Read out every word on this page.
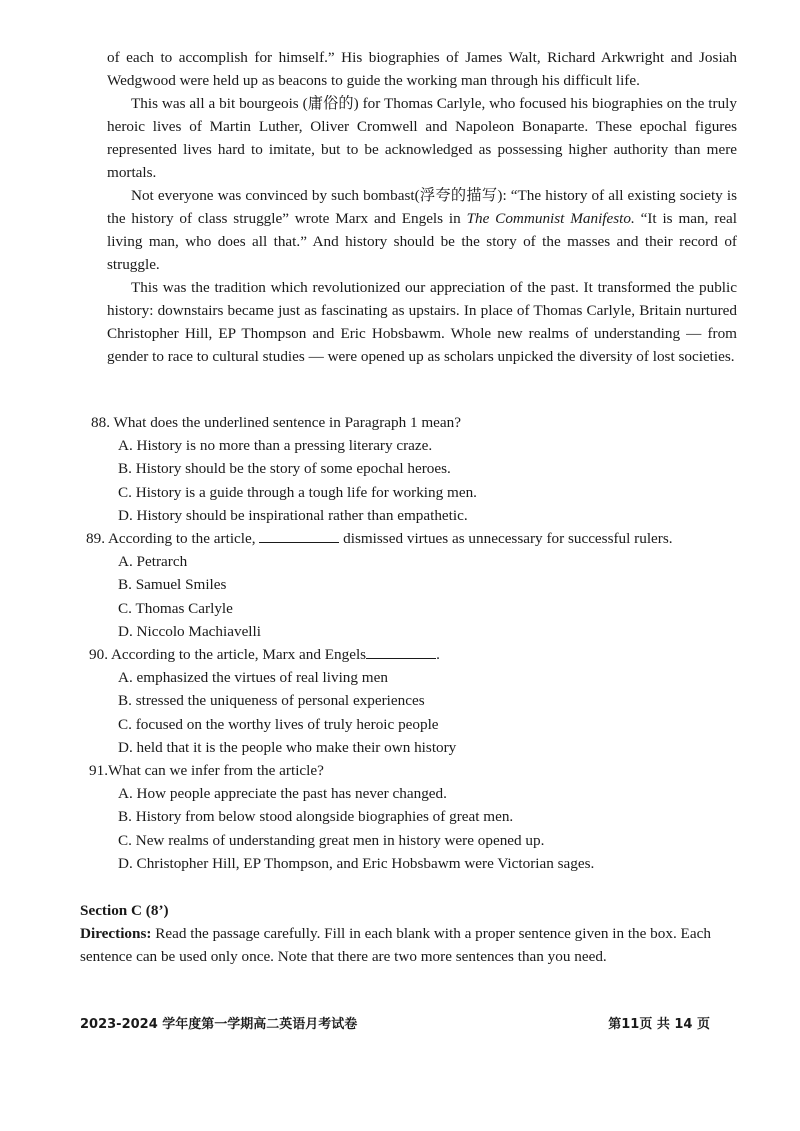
of each to accomplish for himself.” His biographies of James Walt, Richard Arkwright and Josiah Wedgwood were held up as beacons to guide the working man through his difficult life.

This was all a bit bourgeois (庸俗的) for Thomas Carlyle, who focused his biographies on the truly heroic lives of Martin Luther, Oliver Cromwell and Napoleon Bonaparte. These epochal figures represented lives hard to imitate, but to be acknowledged as possessing higher authority than mere mortals.

Not everyone was convinced by such bombast(浮夸的描写): “The history of all existing society is the history of class struggle” wrote Marx and Engels in The Communist Manifesto. “It is man, real living man, who does all that.” And history should be the story of the masses and their record of struggle.

This was the tradition which revolutionized our appreciation of the past. It transformed the public history: downstairs became just as fascinating as upstairs. In place of Thomas Carlyle, Britain nurtured Christopher Hill, EP Thompson and Eric Hobsbawm. Whole new realms of understanding — from gender to race to cultural studies — were opened up as scholars unpicked the diversity of lost societies.

88. What does the underlined sentence in Paragraph 1 mean?

A. History is no more than a pressing literary craze.
B. History should be the story of some epochal heroes.
C. History is a guide through a tough life for working men.
D. History should be inspirational rather than empathetic.

89. According to the article,	dismissed virtues as unnecessary for successful rulers.

A. Petrarch
B. Samuel Smiles
C. Thomas Carlyle
D. Niccolo Machiavelli

90. According to the article, Marx and Engels	.

A. emphasized the virtues of real living men
B. stressed the uniqueness of personal experiences
C. focused on the worthy lives of truly heroic people
D. held that it is the people who make their own history

91.What can we infer from the article?

A. How people appreciate the past has never changed.
B. History from below stood alongside biographies of great men.
C. New realms of understanding great men in history were opened up.
D. Christopher Hill, EP Thompson, and Eric Hobsbawm were Victorian sages.

Section C (8’)

Directions: Read the passage carefully. Fill in each blank with a proper sentence given in the box. Each sentence can be used only once. Note that there are two more sentences than you need.

2023-2024 学年度第一学期高二英语月考试卷	第11页 共 14 页
